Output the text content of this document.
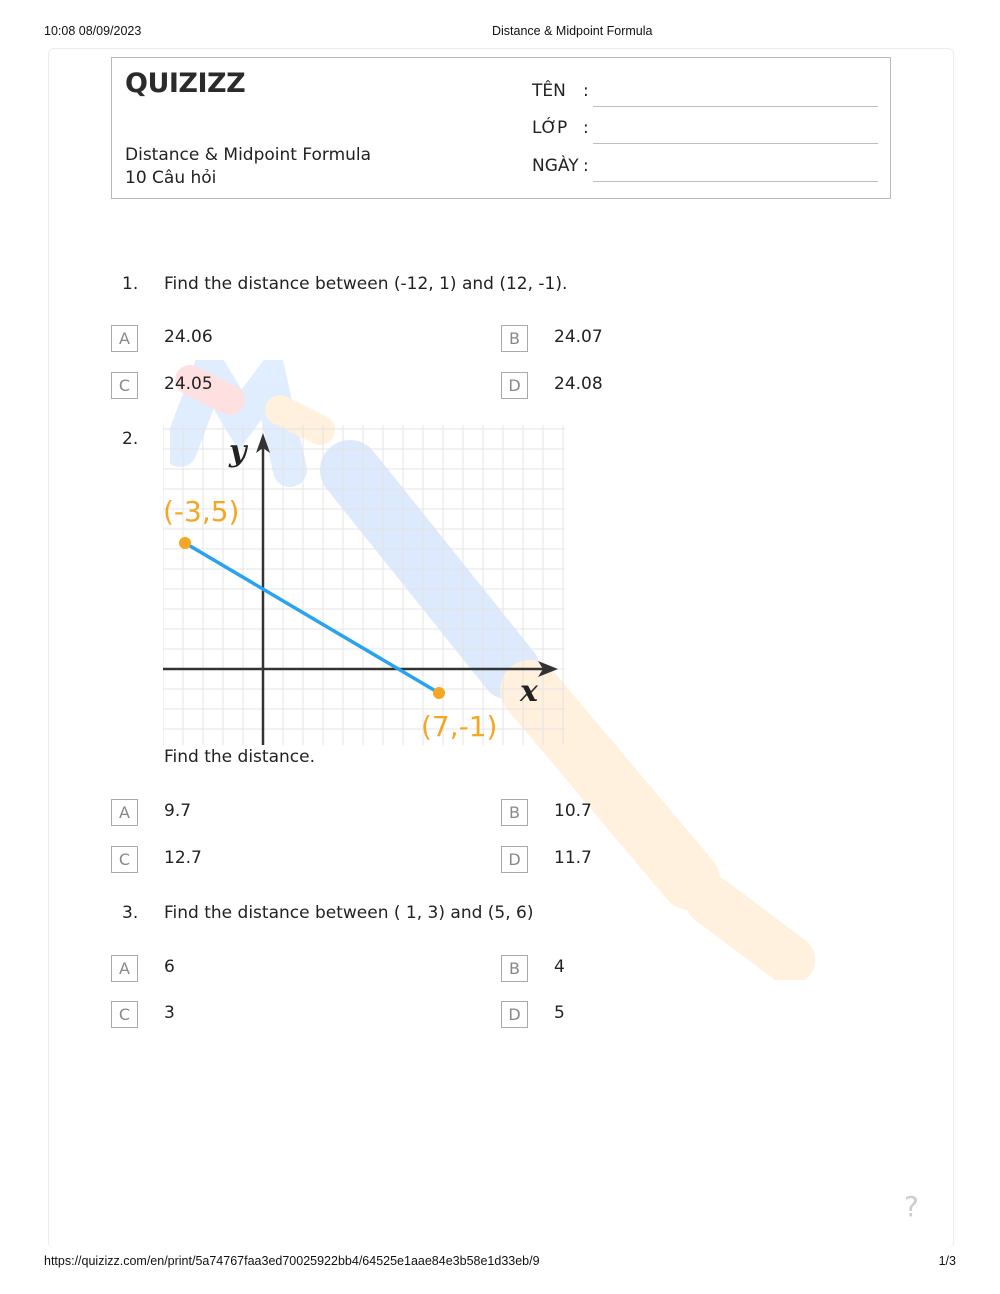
10:08 08/09/2023	Distance & Midpoint Formula
https://quizizz.com/en/print/5a74767faa3ed70025922bb4/64525e1aae84e3b58e1d33eb/9	1/3
QUIZIZZ
Distance & Midpoint Formula
10 Câu hỏi
TÊN :
LỚP :
NGÀY :
1. Find the distance between (-12, 1) and (12, -1).
A	24.06	B	24.07
C	24.05	D	24.08
2.	y
x
(-3,5)
(7,-1)
Find the distance.
A	9.7	B	10.7
C	12.7	D	11.7
3. Find the distance between ( 1, 3) and (5, 6)
A	6	B	4
C	3	D	5
?
